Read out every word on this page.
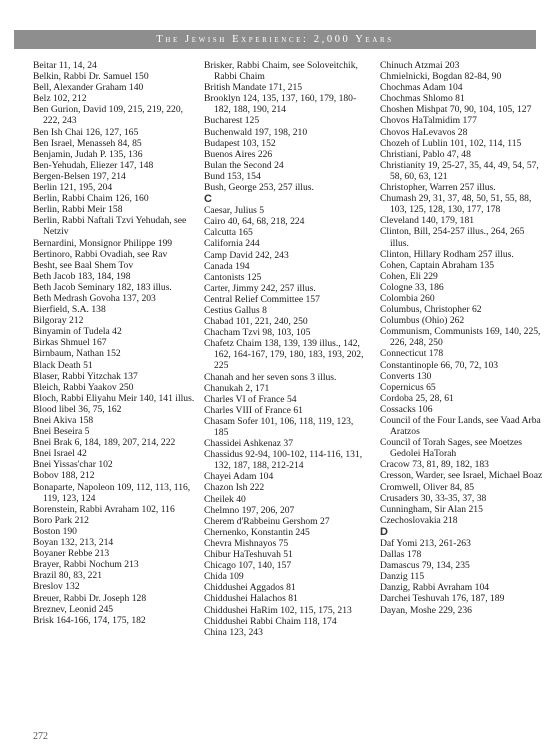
The Jewish Experience: 2,000 Years
Beitar 11, 14, 24
Belkin, Rabbi Dr. Samuel 150
Bell, Alexander Graham 140
Belz 102, 212
Ben Gurion, David 109, 215, 219, 220, 222, 243
Ben Ish Chai 126, 127, 165
Ben Israel, Menasseh 84, 85
Benjamin, Judah P. 135, 136
Ben-Yehudah, Eliezer 147, 148
Bergen-Belsen 197, 214
Berlin 121, 195, 204
Berlin, Rabbi Chaim 126, 160
Berlin, Rabbi Meir 158
Berlin, Rabbi Naftali Tzvi Yehudah, see Netziv
Bernardini, Monsignor Philippe 199
Bertinoro, Rabbi Ovadiah, see Rav
Besht, see Baal Shem Tov
Beth Jacob 183, 184, 198
Beth Jacob Seminary 182, 183 illus.
Beth Medrash Govoha 137, 203
Bierfield, S.A. 138
Bilgoray 212
Binyamin of Tudela 42
Birkas Shmuel 167
Birnbaum, Nathan 152
Black Death 51
Blaser, Rabbi Yitzchak 137
Bleich, Rabbi Yaakov 250
Bloch, Rabbi Eliyahu Meir 140, 141 illus.
Blood libel 36, 75, 162
Bnei Akiva 158
Bnei Beseira 5
Bnei Brak 6, 184, 189, 207, 214, 222
Bnei Israel 42
Bnei Yissas'char 102
Bobov 188, 212
Bonaparte, Napoleon 109, 112, 113, 116, 119, 123, 124
Borenstein, Rabbi Avraham 102, 116
Boro Park 212
Boston 190
Boyan 132, 213, 214
Boyaner Rebbe 213
Brayer, Rabbi Nochum 213
Brazil 80, 83, 221
Breslov 132
Breuer, Rabbi Dr. Joseph 128
Breznev, Leonid 245
Brisk 164-166, 174, 175, 182
Brisker, Rabbi Chaim, see Soloveitchik, Rabbi Chaim
British Mandate 171, 215
Brooklyn 124, 135, 137, 160, 179, 180-182, 188, 190, 214
Bucharest 125
Buchenwald 197, 198, 210
Budapest 103, 152
Buenos Aires 226
Bulan the Second 24
Bund 153, 154
Bush, George 253, 257 illus.
C
Caesar, Julius 5
Cairo 40, 64, 68, 218, 224
Calcutta 165
California 244
Camp David 242, 243
Canada 194
Cantonists 125
Carter, Jimmy 242, 257 illus.
Central Relief Committee 157
Cestius Gallus 8
Chabad 101, 221, 240, 250
Chacham Tzvi 98, 103, 105
Chafetz Chaim 138, 139, 139 illus., 142, 162, 164-167, 179, 180, 183, 193, 202, 225
Chanah and her seven sons 3 illus.
Chanukah 2, 171
Charles VI of France 54
Charles VIII of France 61
Chasam Sofer 101, 106, 118, 119, 123, 185
Chassidei Ashkenaz 37
Chassidus 92-94, 100-102, 114-116, 131, 132, 187, 188, 212-214
Chayei Adam 104
Chazon Ish 222
Cheilek 40
Chelmno 197, 206, 207
Cherem d'Rabbeinu Gershom 27
Chernenko, Konstantin 245
Chevra Mishnayos 75
Chibur HaTeshuvah 51
Chicago 107, 140, 157
Chida 109
Chiddushei Aggados 81
Chiddushei Halachos 81
Chiddushei HaRim 102, 115, 175, 213
Chiddushei Rabbi Chaim 118, 174
China 123, 243
Chinuch Atzmai 203
Chmielnicki, Bogdan 82-84, 90
Chochmas Adam 104
Chochmas Shlomo 81
Choshen Mishpat 70, 90, 104, 105, 127
Chovos HaTalmidim 177
Chovos HaLevavos 28
Chozeh of Lublin 101, 102, 114, 115
Christiani, Pablo 47, 48
Christianity 19, 25-27, 35, 44, 49, 54, 57, 58, 60, 63, 121
Christopher, Warren 257 illus.
Chumash 29, 31, 37, 48, 50, 51, 55, 88, 103, 125, 128, 130, 177, 178
Cleveland 140, 179, 181
Clinton, Bill, 254-257 illus., 264, 265 illus.
Clinton, Hillary Rodham 257 illus.
Cohen, Captain Abraham 135
Cohen, Eli 229
Cologne 33, 186
Colombia 260
Columbus, Christopher 62
Columbus (Ohio) 262
Communism, Communists 169, 140, 225, 226, 248, 250
Connecticut 178
Constantinople 66, 70, 72, 103
Converts 130
Copernicus 65
Cordoba 25, 28, 61
Cossacks 106
Council of the Four Lands, see Vaad Arba Aratzos
Council of Torah Sages, see Moetzes Gedolei HaTorah
Cracow 73, 81, 89, 182, 183
Cresson, Warder, see Israel, Michael Boaz
Cromwell, Oliver 84, 85
Crusaders 30, 33-35, 37, 38
Cunningham, Sir Alan 215
Czechoslovakia 218
D
Daf Yomi 213, 261-263
Dallas 178
Damascus 79, 134, 235
Danzig 115
Danzig, Rabbi Avraham 104
Darchei Teshuvah 176, 187, 189
Dayan, Moshe 229, 236
272
